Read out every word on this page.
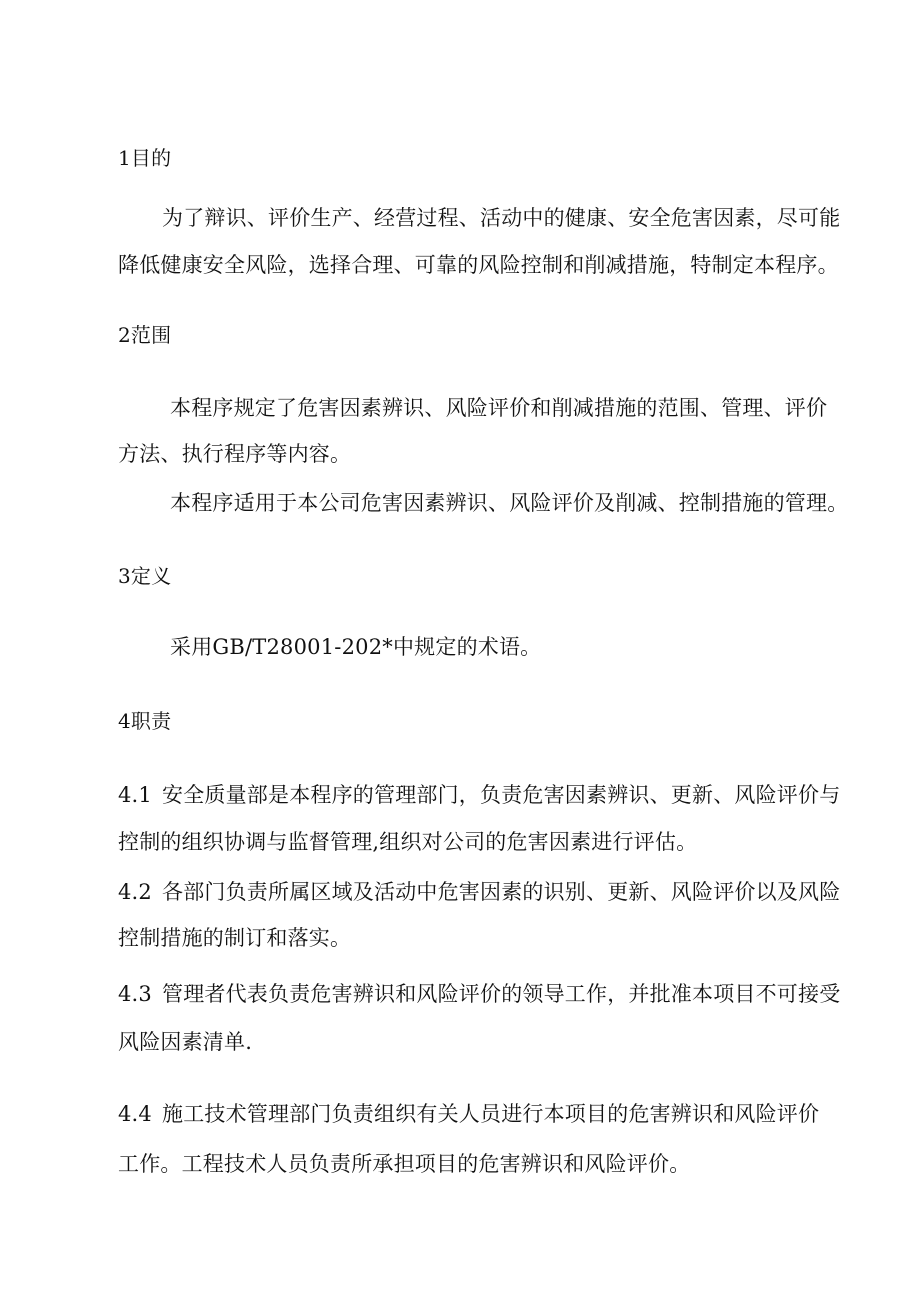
1目的
为了辩识、评价生产、经营过程、活动中的健康、安全危害因素，尽可能
降低健康安全风险，选择合理、可靠的风险控制和削减措施，特制定本程序。
2范围
本程序规定了危害因素辨识、风险评价和削减措施的范围、管理、评价
方法、执行程序等内容。
本程序适用于本公司危害因素辨识、风险评价及削减、控制措施的管理。
3定义
采用GB/T28001-202*中规定的术语。
4职责
4.1 安全质量部是本程序的管理部门，负责危害因素辨识、更新、风险评价与
控制的组织协调与监督管理,组织对公司的危害因素进行评估。
4.2 各部门负责所属区域及活动中危害因素的识别、更新、风险评价以及风险
控制措施的制订和落实。
4.3 管理者代表负责危害辨识和风险评价的领导工作，并批准本项目不可接受
风险因素清单.
4.4 施工技术管理部门负责组织有关人员进行本项目的危害辨识和风险评价
工作。工程技术人员负责所承担项目的危害辨识和风险评价。
